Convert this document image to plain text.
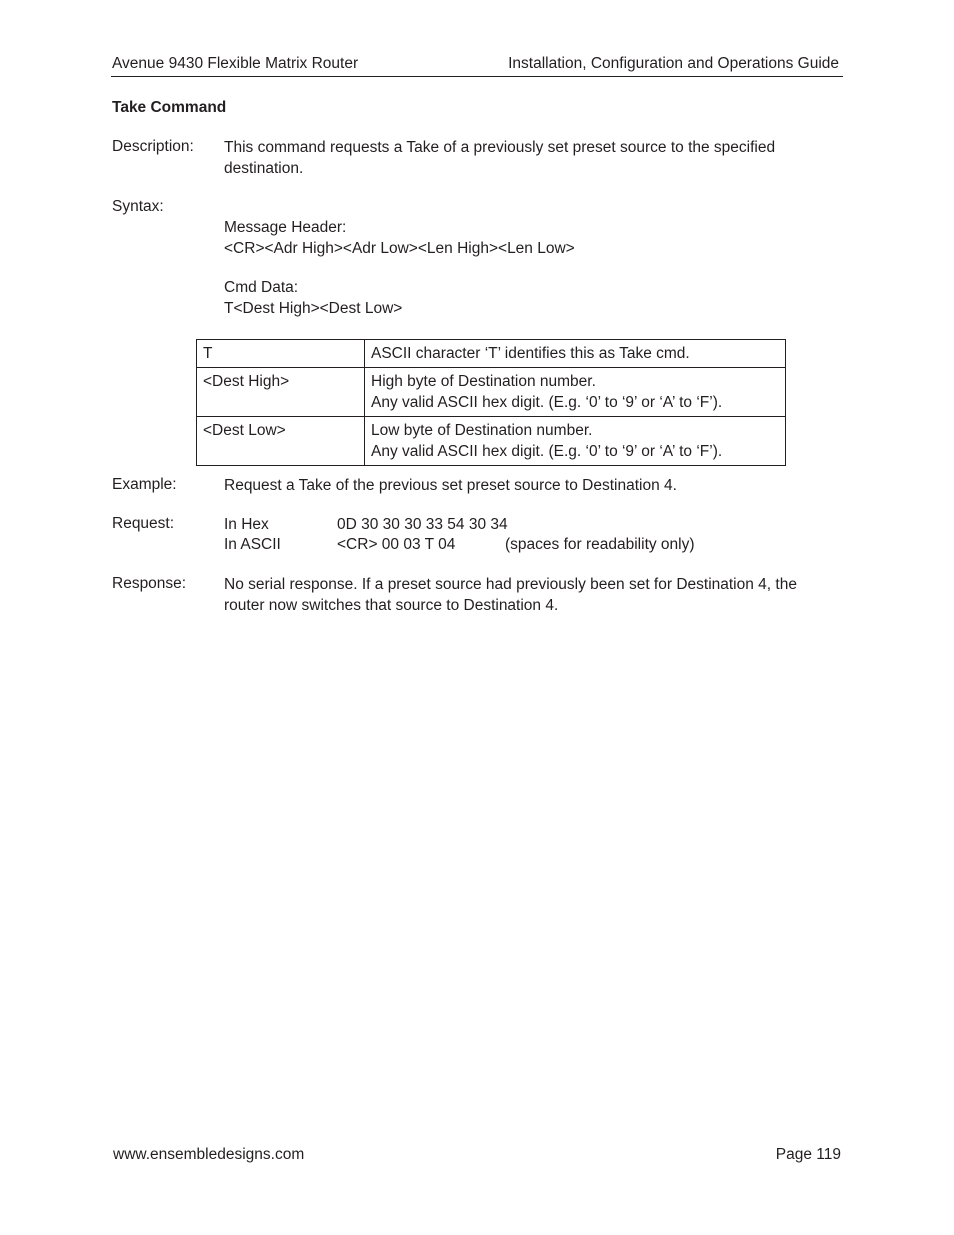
Avenue 9430 Flexible Matrix Router	Installation, Configuration and Operations Guide
Take Command
Description: This command requests a Take of a previously set preset source to the specified
destination.
Syntax:
Message Header:
<CR><Adr High><Adr Low><Len High><Len Low>
Cmd Data:
T<Dest High><Dest Low>
T	ASCII character ‘T’ identifies this as Take cmd.

<Dest High>	High byte of Destination number.
Any valid ASCII hex digit. (E.g. ‘0’ to ‘9’ or ‘A’ to ‘F’).

<Dest Low>	Low byte of Destination number.
Any valid ASCII hex digit. (E.g. ‘0’ to ‘9’ or ‘A’ to ‘F’).
Example:	Request a Take of the previous set preset source to Destination 4.
Request:	In Hex	0D 30 30 30 33 54 30 34
In ASCII	<CR> 00 03 T 04	(spaces for readability only)
Response: No serial response. If a preset source had previously been set for Destination 4, the
router now switches that source to Destination 4.
www.ensembledesigns.com	Page 119
